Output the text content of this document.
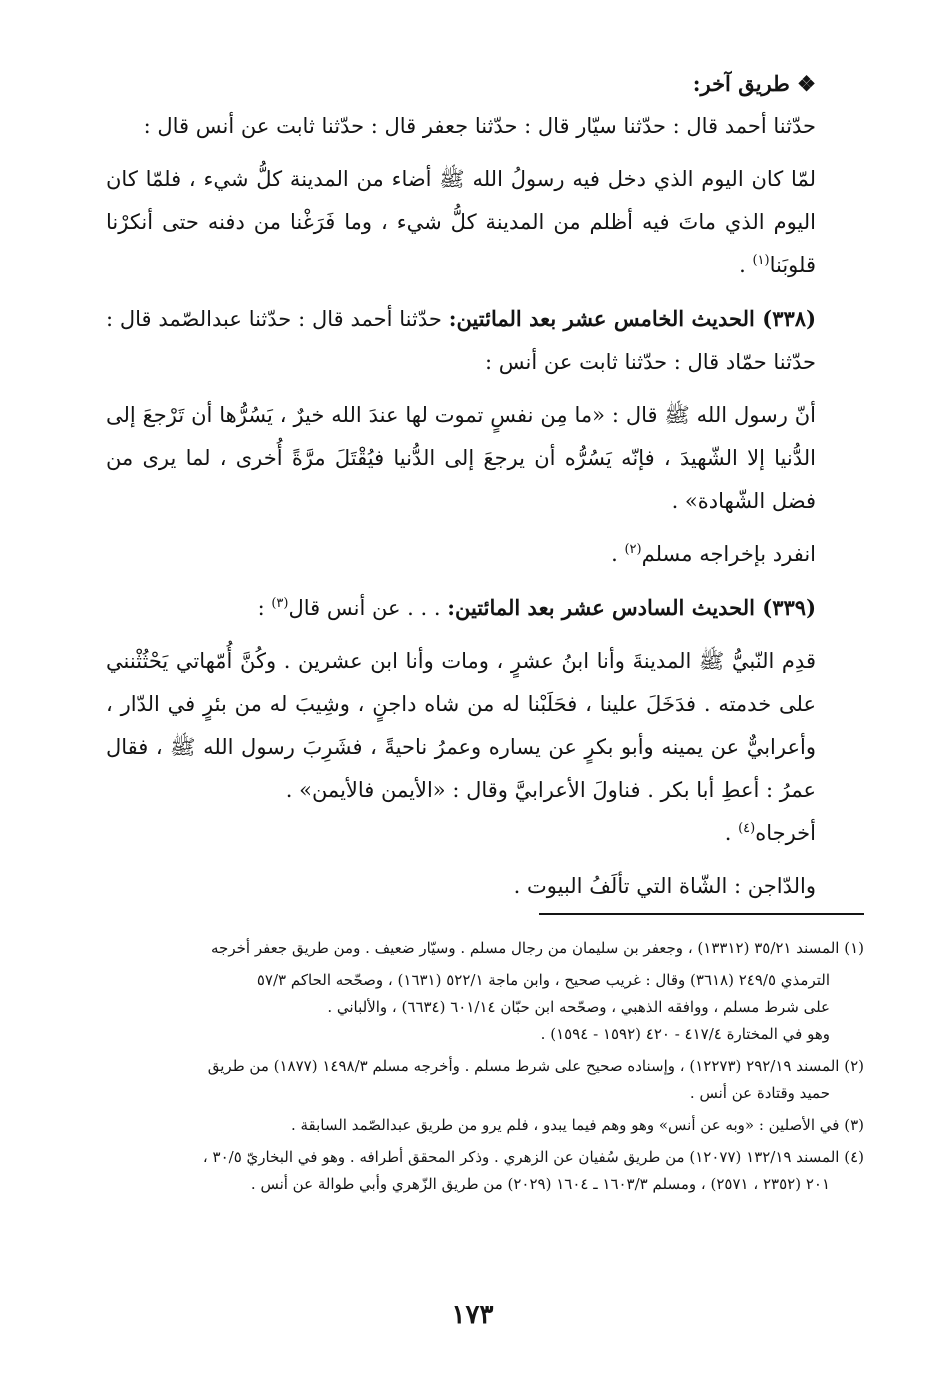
❖ طريق آخر:

حدّثنا أحمد قال : حدّثنا سيّار قال : حدّثنا جعفر قال : حدّثنا ثابت عن أنس قال :

لمّا كان اليوم الذي دخل فيه رسولُ الله ﷺ أضاء من المدينة كلُّ شيء ، فلمّا كان اليوم الذي ماتَ فيه أظلم من المدينة كلُّ شيء ، وما فَرَغْنا من دفنه حتى أنكرْنا قلوبَنا$^{(١)}$ .

(٣٣٨) الحديث الخامس عشر بعد المائتين: حدّثنا أحمد قال : حدّثنا عبدالصّمد قال : حدّثنا حمّاد قال : حدّثنا ثابت عن أنس :

أنّ رسول الله ﷺ قال : «ما مِن نفسٍ تموت لها عندَ الله خيرٌ ، يَسُرُّها أن تَرْجعَ إلى الدُّنيا إلا الشّهيدَ ، فإنّه يَسُرُّه أن يرجعَ إلى الدُّنيا فيُقْتَلَ مرَّةً أُخرى ، لما يرى من فضل الشّهادة» .

انفرد بإخراجه مسلم$^{(٢)}$ .

(٣٣٩) الحديث السادس عشر بعد المائتين: . . . عن أنس قال$^{(٣)}$ :

قدِم النّبيُّ ﷺ المدينةَ وأنا ابنُ عشرٍ ، ومات وأنا ابن عشرين . وكُنَّ أُمّهاتي يَحْثُثْنني على خدمته . فدَخَلَ علينا ، فحَلَبْنا له من شاه داجنٍ ، وشِيبَ له من بئرٍ في الدّار ، وأعرابيٌّ عن يمينه وأبو بكرٍ عن يساره وعمرُ ناحيةً ، فشَرِبَ رسول الله ﷺ ، فقال عمرُ : أعطِ أبا بكر . فناولَ الأعرابيَّ وقال : «الأيمن فالأيمن» .

أخرجاه$^{(٤)}$ .

والدّاجن : الشّاة التي تألَفُ البيوت .

(١) المسند ٣٥/٢١ (١٣٣١٢) ، وجعفر بن سليمان من رجال مسلم . وسيّار ضعيف . ومن طريق جعفر أخرجه

الترمذي ٢٤٩/٥ (٣٦١٨) وقال : غريب صحيح ، وابن ماجة ٥٢٢/١ (١٦٣١) ، وصحّحه الحاكم ٥٧/٣

على شرط مسلم ، ووافقه الذهبي ، وصحّحه ابن حبّان ٦٠١/١٤ (٦٦٣٤) ، والألباني .

وهو في المختارة ٤١٧/٤ - ٤٢٠ (١٥٩٢ - ١٥٩٤) .

(٢) المسند ٢٩٢/١٩ (١٢٢٧٣) ، وإسناده صحيح على شرط مسلم . وأخرجه مسلم ١٤٩٨/٣ (١٨٧٧) من طريق

حميد وقتادة عن أنس .

(٣) في الأصلين : «وبه عن أنس» وهو وهم فيما يبدو ، فلم يرو من طريق عبدالصّمد السابقة .

(٤) المسند ١٣٢/١٩ (١٢٠٧٧) من طريق سُفيان عن الزهري . وذكر المحقق أطرافه . وهو في البخاريّ ٣٠/٥ ،

٢٠١ (٢٣٥٢ ، ٢٥٧١) ، ومسلم ١٦٠٣/٣ ـ ١٦٠٤ (٢٠٢٩) من طريق الزّهري وأبي طوالة عن أنس .

١٧٣
